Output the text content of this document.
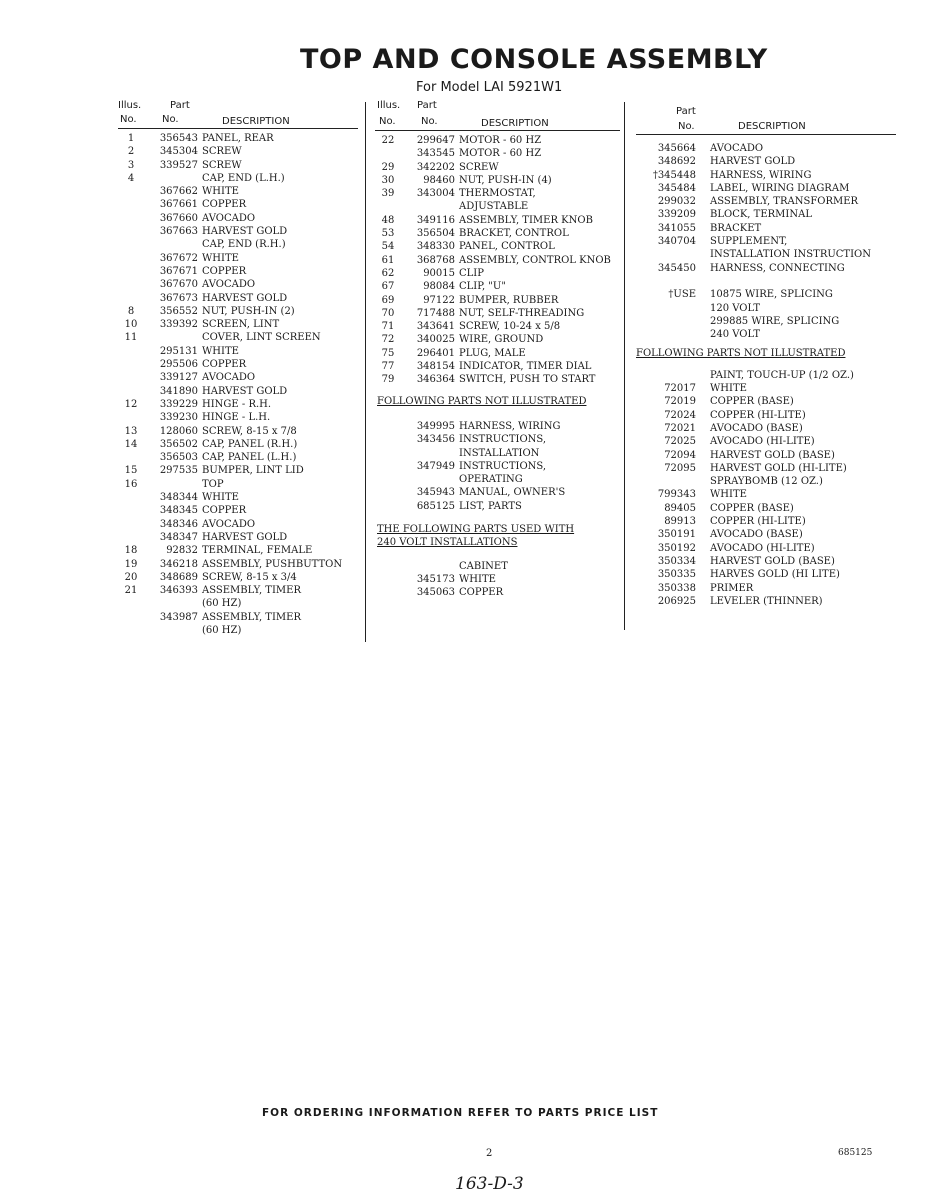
TOP AND CONSOLE ASSEMBLY
For Model LAI 5921W1
Illus.	Part
No.	No.	DESCRIPTION
1	356543 PANEL, REAR
2	345304 SCREW
3	339527 SCREW
4	CAP, END (L.H.)
367662 WHITE
367661 COPPER
367660 AVOCADO
367663 HARVEST GOLD
CAP, END (R.H.)
367672 WHITE
367671 COPPER
367670 AVOCADO
367673 HARVEST GOLD
8	356552 NUT, PUSH-IN (2)
10	339392 SCREEN, LINT
11	COVER, LINT SCREEN
295131 WHITE
295506 COPPER
339127 AVOCADO
341890 HARVEST GOLD
12	339229 HINGE - R.H.
339230 HINGE - L.H.
13	128060 SCREW, 8-15 x 7/8
14	356502 CAP, PANEL (R.H.)
356503 CAP, PANEL (L.H.)
15	297535 BUMPER, LINT LID
16	TOP
348344 WHITE
348345 COPPER
348346 AVOCADO
348347 HARVEST GOLD
18	92832 TERMINAL, FEMALE
19	346218 ASSEMBLY, PUSHBUTTON
20	348689 SCREW, 8-15 x 3/4
21	346393 ASSEMBLY, TIMER
(60 HZ)
343987 ASSEMBLY, TIMER
(60 HZ)
Illus. Part
No.	No.	DESCRIPTION
22	299647 MOTOR - 60 HZ
343545 MOTOR - 60 HZ
29	342202 SCREW
30	98460 NUT, PUSH-IN (4)
39	343004 THERMOSTAT,
ADJUSTABLE
48	349116 ASSEMBLY, TIMER KNOB
53	356504 BRACKET, CONTROL
54	348330 PANEL, CONTROL
61	368768 ASSEMBLY, CONTROL KNOB
62	90015 CLIP
67	98084 CLIP, "U"
69	97122 BUMPER, RUBBER
70	717488 NUT, SELF-THREADING
71	343641 SCREW, 10-24 x 5/8
72	340025 WIRE, GROUND
75	296401 PLUG, MALE
77	348154 INDICATOR, TIMER DIAL
79	346364 SWITCH, PUSH TO START
FOLLOWING PARTS NOT ILLUSTRATED
349995 HARNESS, WIRING
343456 INSTRUCTIONS,
INSTALLATION
347949 INSTRUCTIONS,
OPERATING
345943 MANUAL, OWNER'S
685125 LIST, PARTS
THE FOLLOWING PARTS USED WITH
240 VOLT INSTALLATIONS
CABINET
345173 WHITE
345063 COPPER
Part
No.	DESCRIPTION
345664 AVOCADO
348692 HARVEST GOLD
†345448 HARNESS, WIRING
345484 LABEL, WIRING DIAGRAM
299032 ASSEMBLY, TRANSFORMER
339209 BLOCK, TERMINAL
341055 BRACKET
340704 SUPPLEMENT,
INSTALLATION INSTRUCTION
345450 HARNESS, CONNECTING
†USE 10875 WIRE, SPLICING
120 VOLT
299885 WIRE, SPLICING
240 VOLT
FOLLOWING PARTS NOT ILLUSTRATED
PAINT, TOUCH-UP (1/2 OZ.)
72017 WHITE
72019 COPPER (BASE)
72024 COPPER (HI-LITE)
72021 AVOCADO (BASE)
72025 AVOCADO (HI-LITE)
72094 HARVEST GOLD (BASE)
72095 HARVEST GOLD (HI-LITE)
SPRAYBOMB (12 OZ.)
799343 WHITE
89405 COPPER (BASE)
89913 COPPER (HI-LITE)
350191 AVOCADO (BASE)
350192 AVOCADO (HI-LITE)
350334 HARVEST GOLD (BASE)
350335 HARVES GOLD (HI LITE)
350338 PRIMER
206925 LEVELER (THINNER)
FOR ORDERING INFORMATION REFER TO PARTS PRICE LIST
2	685125
163-D-3
